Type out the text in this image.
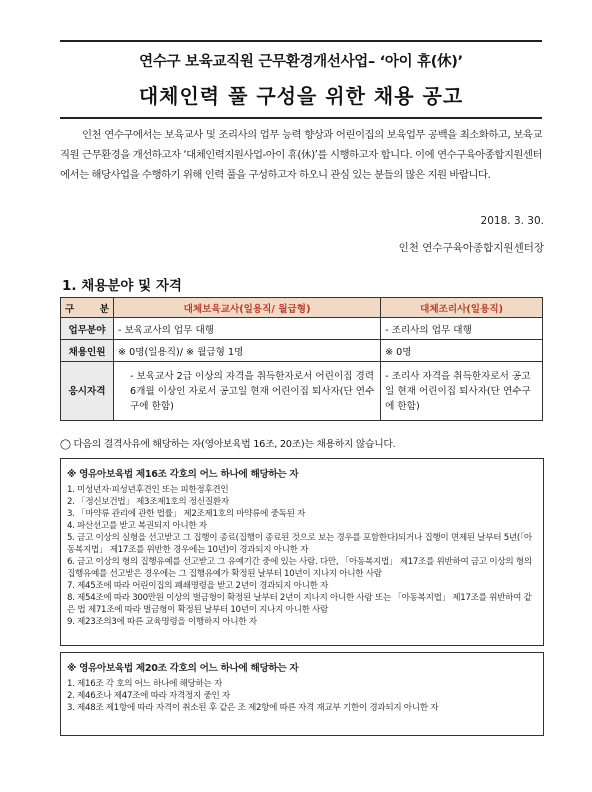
연수구 보육교직원 근무환경개선사업– ‘아이 휴(休)’
대체인력 풀 구성을 위한 채용 공고

인천 연수구에서는 보육교사 및 조리사의 업무 능력 향상과 어린이집의 보육업무 공백을 최소화하고, 보육교직원 근무환경을 개선하고자 ‘대체인력지원사업-아이 휴(休)’를 시행하고자 합니다. 이에 연수구육아종합지원센터에서는 해당사업을 수행하기 위해 인력 풀을 구성하고자 하오니 관심 있는 분들의 많은 지원 바랍니다.

2018. 3. 30.
인천 연수구육아종합지원센터장
1. 채용분야 및 자격
구 분	대체보육교사(일용직/ 월급형)	대체조리사(일용직)
업무분야	- 보육교사의 업무 대행	- 조리사의 업무 대행
채용인원	※ 0명(일용직)/ ※ 월급형 1명	※ 0명
응시자격	- 보육교사 2급 이상의 자격을 취득한자로서 어린이집 경력 6개월 이상인 자로서 공고일 현재 어린이집 퇴사자(단 연수구에 한함)	- 조리사 자격을 취득한자로서 공고일 현재 어린이집 퇴사자(단 연수구에 한함)
◯ 다음의 결격사유에 해당하는 자(영아보육법 16조, 20조)는 채용하지 않습니다.
※ 영유아보육법 제16조 각호의 어느 하나에 해당하는 자
1. 미성년자·피성년후견인 또는 피한정후견인
2. 「정신보건법」 제3조제1호의 정신질환자
3. 「마약류 관리에 관한 법률」 제2조제1호의 마약류에 중독된 자
4. 파산선고를 받고 복권되지 아니한 자
5. 금고 이상의 실형을 선고받고 그 집행이 종료(집행이 종료된 것으로 보는 경우를 포함한다)되거나 집행이 면제된 날부터 5년(「아동복지법」 제17조를 위반한 경우에는 10년)이 경과되지 아니한 자
6. 금고 이상의 형의 집행유예를 선고받고 그 유예기간 중에 있는 사람. 다만, 「아동복지법」 제17조를 위반하여 금고 이상의 형의 집행유예를 선고받은 경우에는 그 집행유예가 확정된 날부터 10년이 지나지 아니한 사람
7. 제45조에 따라 어린이집의 폐쇄명령을 받고 2년이 경과되지 아니한 자
8. 제54조에 따라 300만원 이상의 벌금형이 확정된 날부터 2년이 지나지 아니한 사람 또는 「아동복지법」 제17조를 위반하여 같은 법 제71조에 따라 벌금형이 확정된 날부터 10년이 지나지 아니한 사람
9. 제23조의3에 따른 교육명령을 이행하지 아니한 자
※ 영유아보육법 제20조 각호의 어느 하나에 해당하는 자
1. 제16조 각 호의 어느 하나에 해당하는 자
2. 제46조나 제47조에 따라 자격정지 중인 자
3. 제48조 제1항에 따라 자격이 취소된 후 같은 조 제2항에 따른 자격 재교부 기한이 경과되지 아니한 자
